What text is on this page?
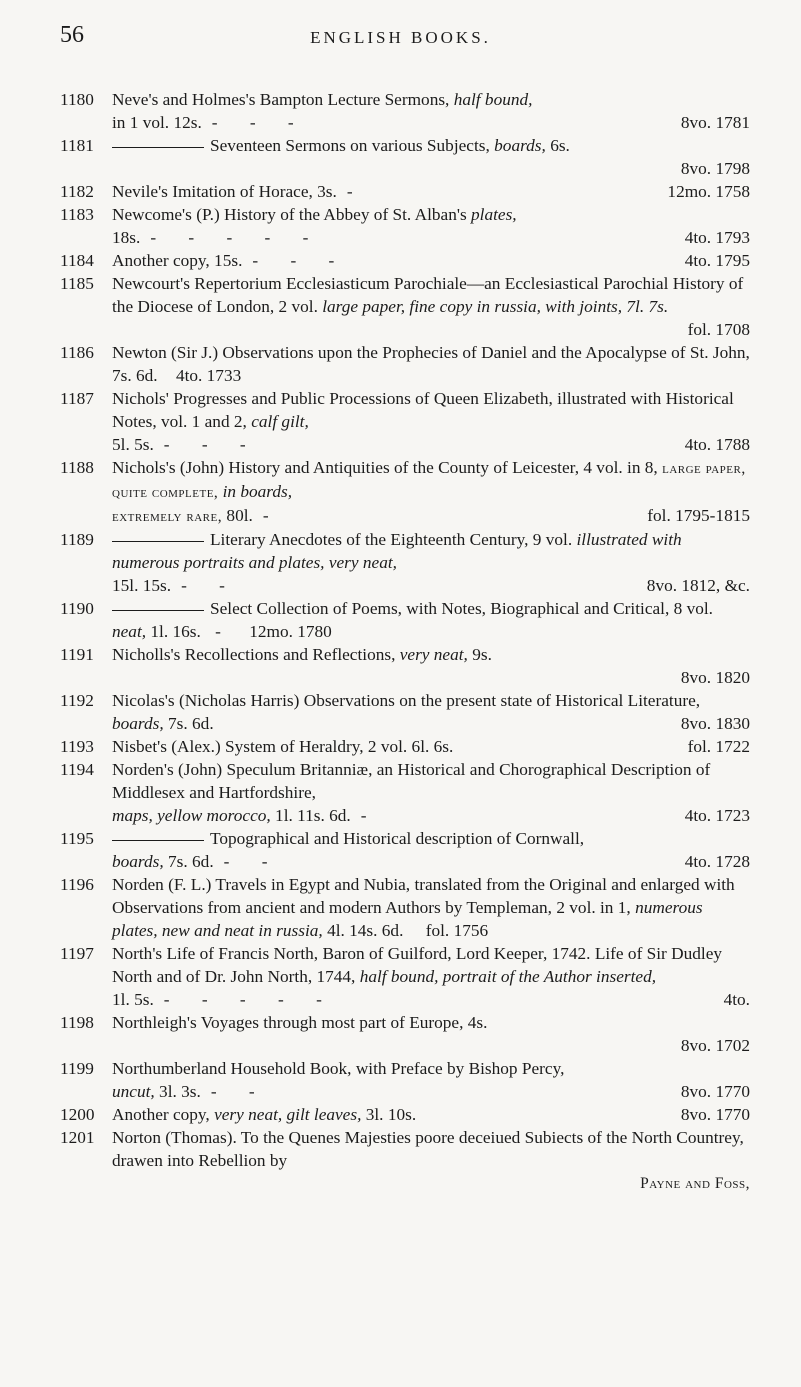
56	ENGLISH BOOKS.
1180 Neve's and Holmes's Bampton Lecture Sermons, half bound,

in 1 vol. 12s. - - -	8vo. 1781
1181	Seventeen Sermons on various Subjects, boards, 6s.
8vo. 1798
1182 Nevile's Imitation of Horace, 3s. -	12mo. 1758
1183 Newcome's (P.) History of the Abbey of St. Alban's plates,
18s. - - - - -	4to. 1793
1184 Another copy, 15s. - - -	4to. 1795
1185 Newcourt's Repertorium Ecclesiasticum Parochiale—an Ecclesiastical Parochial History of the Diocese of London, 2 vol. large paper, fine copy in russia, with joints, 7l. 7s.
fol. 1708
1186 Newton (Sir J.) Observations upon the Prophecies of Daniel and the Apocalypse of St. John, 7s. 6d. 4to. 1733
1187 Nichols' Progresses and Public Processions of Queen Elizabeth, illustrated with Historical Notes, vol. 1 and 2, calf gilt,
5l. 5s. - - -	4to. 1788
1188 Nichols's (John) History and Antiquities of the County of Leicester, 4 vol. in 8, large paper, quite complete, in boards,
extremely rare, 80l. -	fol. 1795-1815
1189	Literary Anecdotes of the Eighteenth Century, 9 vol. illustrated with numerous portraits and plates, very neat,
15l. 15s. - -	8vo. 1812, &c.
1190	Select Collection of Poems, with Notes, Biographical and Critical, 8 vol. neat, 1l. 16s. - 12mo. 1780
1191 Nicholls's Recollections and Reflections, very neat, 9s.
8vo. 1820
1192 Nicolas's (Nicholas Harris) Observations on the present state of Historical Literature,
boards, 7s. 6d.	8vo. 1830
1193 Nisbet's (Alex.) System of Heraldry, 2 vol. 6l. 6s.	fol. 1722
1194 Norden's (John) Speculum Britanniæ, an Historical and Chorographical Description of Middlesex and Hartfordshire,
maps, yellow morocco, 1l. 11s. 6d. -	4to. 1723
1195	Topographical and Historical description of Cornwall,
boards, 7s. 6d. - -	4to. 1728
1196 Norden (F. L.) Travels in Egypt and Nubia, translated from the Original and enlarged with Observations from ancient and modern Authors by Templeman, 2 vol. in 1, numerous plates, new and neat in russia, 4l. 14s. 6d. fol. 1756
1197 North's Life of Francis North, Baron of Guilford, Lord Keeper, 1742. Life of Sir Dudley North and of Dr. John North, 1744, half bound, portrait of the Author inserted,
1l. 5s. - - - - -	4to.
1198 Northleigh's Voyages through most part of Europe, 4s.
8vo. 1702
1199 Northumberland Household Book, with Preface by Bishop Percy,
uncut, 3l. 3s. - -	8vo. 1770
1200 Another copy, very neat, gilt leaves, 3l. 10s.	8vo. 1770
1201 Norton (Thomas). To the Quenes Majesties poore deceiued Subiects of the North Countrey, drawen into Rebellion by
Payne and Foss,
